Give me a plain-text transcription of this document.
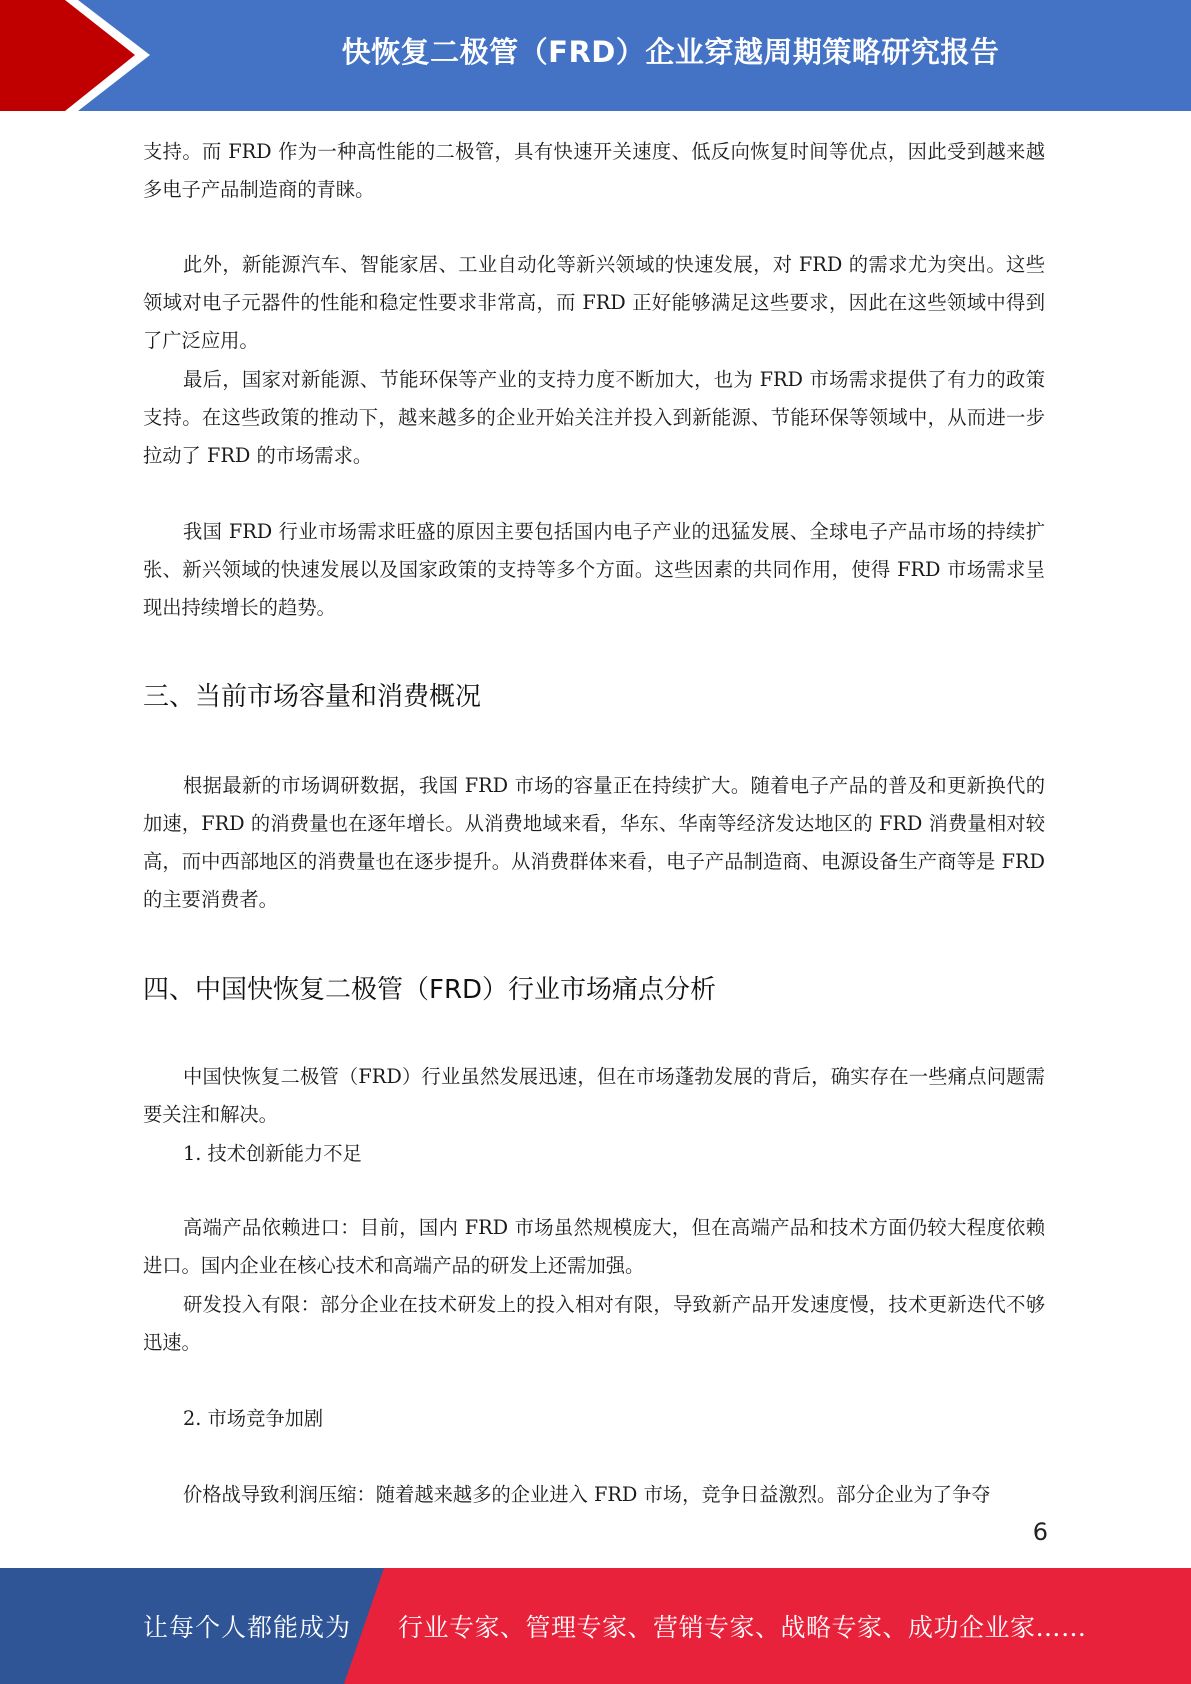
快恢复二极管（FRD）企业穿越周期策略研究报告

支持。而 FRD 作为一种高性能的二极管，具有快速开关速度、低反向恢复时间等优点，因此受到越来越多电子产品制造商的青睐。

此外，新能源汽车、智能家居、工业自动化等新兴领域的快速发展，对 FRD 的需求尤为突出。这些领域对电子元器件的性能和稳定性要求非常高，而 FRD 正好能够满足这些要求，因此在这些领域中得到了广泛应用。

最后，国家对新能源、节能环保等产业的支持力度不断加大，也为 FRD 市场需求提供了有力的政策支持。在这些政策的推动下，越来越多的企业开始关注并投入到新能源、节能环保等领域中，从而进一步拉动了 FRD 的市场需求。

我国 FRD 行业市场需求旺盛的原因主要包括国内电子产业的迅猛发展、全球电子产品市场的持续扩张、新兴领域的快速发展以及国家政策的支持等多个方面。这些因素的共同作用，使得 FRD 市场需求呈现出持续增长的趋势。

三、当前市场容量和消费概况

根据最新的市场调研数据，我国 FRD 市场的容量正在持续扩大。随着电子产品的普及和更新换代的加速，FRD 的消费量也在逐年增长。从消费地域来看，华东、华南等经济发达地区的 FRD 消费量相对较高，而中西部地区的消费量也在逐步提升。从消费群体来看，电子产品制造商、电源设备生产商等是 FRD 的主要消费者。

四、中国快恢复二极管（FRD）行业市场痛点分析

中国快恢复二极管（FRD）行业虽然发展迅速，但在市场蓬勃发展的背后，确实存在一些痛点问题需要关注和解决。

1. 技术创新能力不足

高端产品依赖进口：目前，国内 FRD 市场虽然规模庞大，但在高端产品和技术方面仍较大程度依赖进口。国内企业在核心技术和高端产品的研发上还需加强。

研发投入有限：部分企业在技术研发上的投入相对有限，导致新产品开发速度慢，技术更新迭代不够迅速。

2. 市场竞争加剧

价格战导致利润压缩：随着越来越多的企业进入 FRD 市场，竞争日益激烈。部分企业为了争夺

6
让每个人都能成为 行业专家、管理专家、营销专家、战略专家、成功企业家……
